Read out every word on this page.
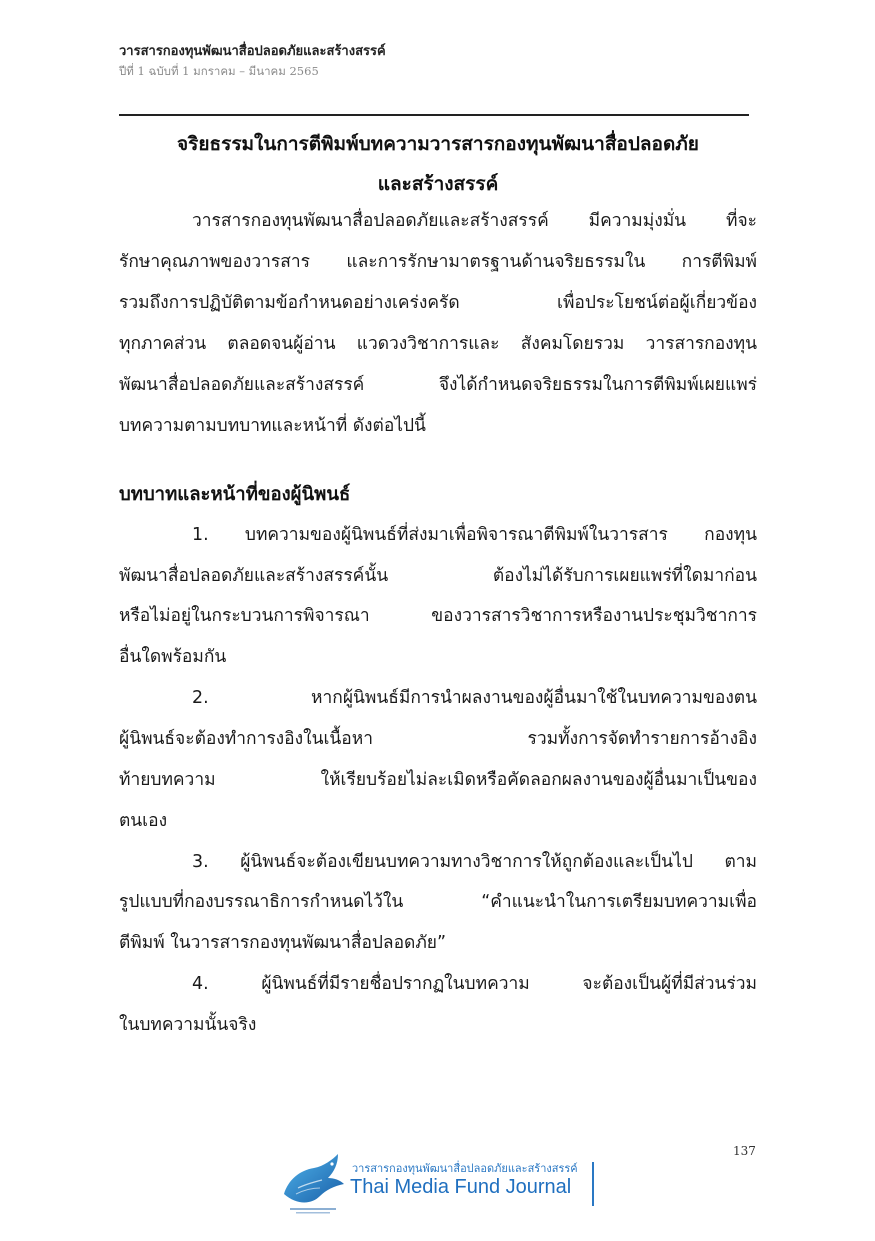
วารสารกองทุนพัฒนาสื่อปลอดภัยและสร้างสรรค์
ปีที่ 1 ฉบับที่ 1 มกราคม – มีนาคม 2565
จริยธรรมในการตีพิมพ์บทความวารสารกองทุนพัฒนาสื่อปลอดภัย
และสร้างสรรค์
วารสารกองทุนพัฒนาสื่อปลอดภัยและสร้างสรรค์ มีความมุ่งมั่น ที่จะ
รักษาคุณภาพของวารสาร และการรักษามาตรฐานด้านจริยธรรมใน การตีพิมพ์
รวมถึงการปฏิบัติตามข้อกำหนดอย่างเคร่งครัด เพื่อประโยชน์ต่อผู้เกี่ยวข้อง
ทุกภาคส่วน ตลอดจนผู้อ่าน แวดวงวิชาการและ สังคมโดยรวม วารสารกองทุน
พัฒนาสื่อปลอดภัยและสร้างสรรค์ จึงได้กำหนดจริยธรรมในการตีพิมพ์เผยแพร่
บทความตามบทบาทและหน้าที่ ดังต่อไปนี้
บทบาทและหน้าที่ของผู้นิพนธ์
1. บทความของผู้นิพนธ์ที่ส่งมาเพื่อพิจารณาตีพิมพ์ในวารสาร กองทุน
พัฒนาสื่อปลอดภัยและสร้างสรรค์นั้น ต้องไม่ได้รับการเผยแพร่ที่ใดมาก่อน
หรือไม่อยู่ในกระบวนการพิจารณา ของวารสารวิชาการหรืองานประชุมวิชาการ
อื่นใดพร้อมกัน
2. หากผู้นิพนธ์มีการนำผลงานของผู้อื่นมาใช้ในบทความของตน
ผู้นิพนธ์จะต้องทำการงอิงในเนื้อหา รวมทั้งการจัดทำรายการอ้างอิง
ท้ายบทความ ให้เรียบร้อยไม่ละเมิดหรือคัดลอกผลงานของผู้อื่นมาเป็นของ
ตนเอง
3. ผู้นิพนธ์จะต้องเขียนบทความทางวิชาการให้ถูกต้องและเป็นไป ตาม
รูปแบบที่กองบรรณาธิการกำหนดไว้ใน “คำแนะนำในการเตรียมบทความเพื่อ
ตีพิมพ์ ในวารสารกองทุนพัฒนาสื่อปลอดภัย”
4. ผู้นิพนธ์ที่มีรายชื่อปรากฏในบทความ จะต้องเป็นผู้ที่มีส่วนร่วม
ในบทความนั้นจริง
137
วารสารกองทุนพัฒนาสื่อปลอดภัยและสร้างสรรค์
Thai Media Fund Journal
